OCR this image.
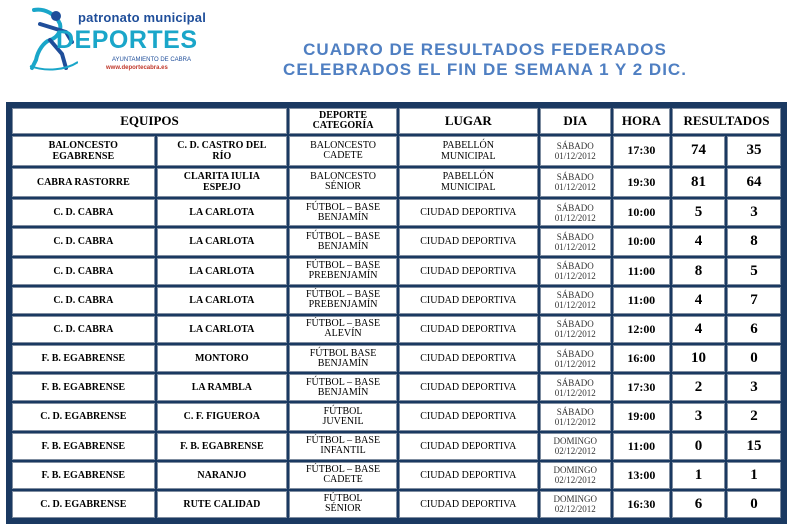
patronato municipal
DEPORTES
AYUNTAMIENTO DE CABRA
www.deportecabra.es
CUADRO DE RESULTADOS FEDERADOS
CELEBRADOS EL FIN DE SEMANA 1 Y 2 DIC.
EQUIPOS		DEPORTE
CATEGORÍA	LUGAR	DIA	HORA	RESULTADOS	

BALONCESTO
EGABRENSE	C. D. CASTRO DEL
RÍO	BALONCESTO
CADETE	PABELLÓN
MUNICIPAL	SÁBADO
01/12/2012	17:30	74	35

CABRA RASTORRE	CLARITA IULIA
ESPEJO	BALONCESTO
SÉNIOR	PABELLÓN
MUNICIPAL	SÁBADO
01/12/2012	19:30	81	64

C. D. CABRA	LA CARLOTA	FÚTBOL – BASE
BENJAMÍN	CIUDAD DEPORTIVA	SÁBADO
01/12/2012	10:00	5	3

C. D. CABRA	LA CARLOTA	FÚTBOL – BASE
BENJAMÍN	CIUDAD DEPORTIVA	SÁBADO
01/12/2012	10:00	4	8

C. D. CABRA	LA CARLOTA	FÚTBOL – BASE
PREBENJAMÍN	CIUDAD DEPORTIVA	SÁBADO
01/12/2012	11:00	8	5

C. D. CABRA	LA CARLOTA	FÚTBOL – BASE
PREBENJAMÍN	CIUDAD DEPORTIVA	SÁBADO
01/12/2012	11:00	4	7

C. D. CABRA	LA CARLOTA	FÚTBOL – BASE
ALEVÍN	CIUDAD DEPORTIVA	SÁBADO
01/12/2012	12:00	4	6

F. B. EGABRENSE	MONTORO	FÚTBOL BASE
BENJAMÍN	CIUDAD DEPORTIVA	SÁBADO
01/12/2012	16:00	10	0

F. B. EGABRENSE	LA RAMBLA	FÚTBOL – BASE
BENJAMÍN	CIUDAD DEPORTIVA	SÁBADO
01/12/2012	17:30	2	3

C. D. EGABRENSE	C. F. FIGUEROA	FÚTBOL
JUVENIL	CIUDAD DEPORTIVA	SÁBADO
01/12/2012	19:00	3	2

F. B. EGABRENSE	F. B. EGABRENSE	FÚTBOL – BASE
INFANTIL	CIUDAD DEPORTIVA	DOMINGO
02/12/2012	11:00	0	15

F. B. EGABRENSE	NARANJO	FÚTBOL – BASE
CADETE	CIUDAD DEPORTIVA	DOMINGO
02/12/2012	13:00	1	1

C. D. EGABRENSE	RUTE CALIDAD	FÚTBOL
SÉNIOR	CIUDAD DEPORTIVA	DOMINGO
02/12/2012	16:30	6	0
